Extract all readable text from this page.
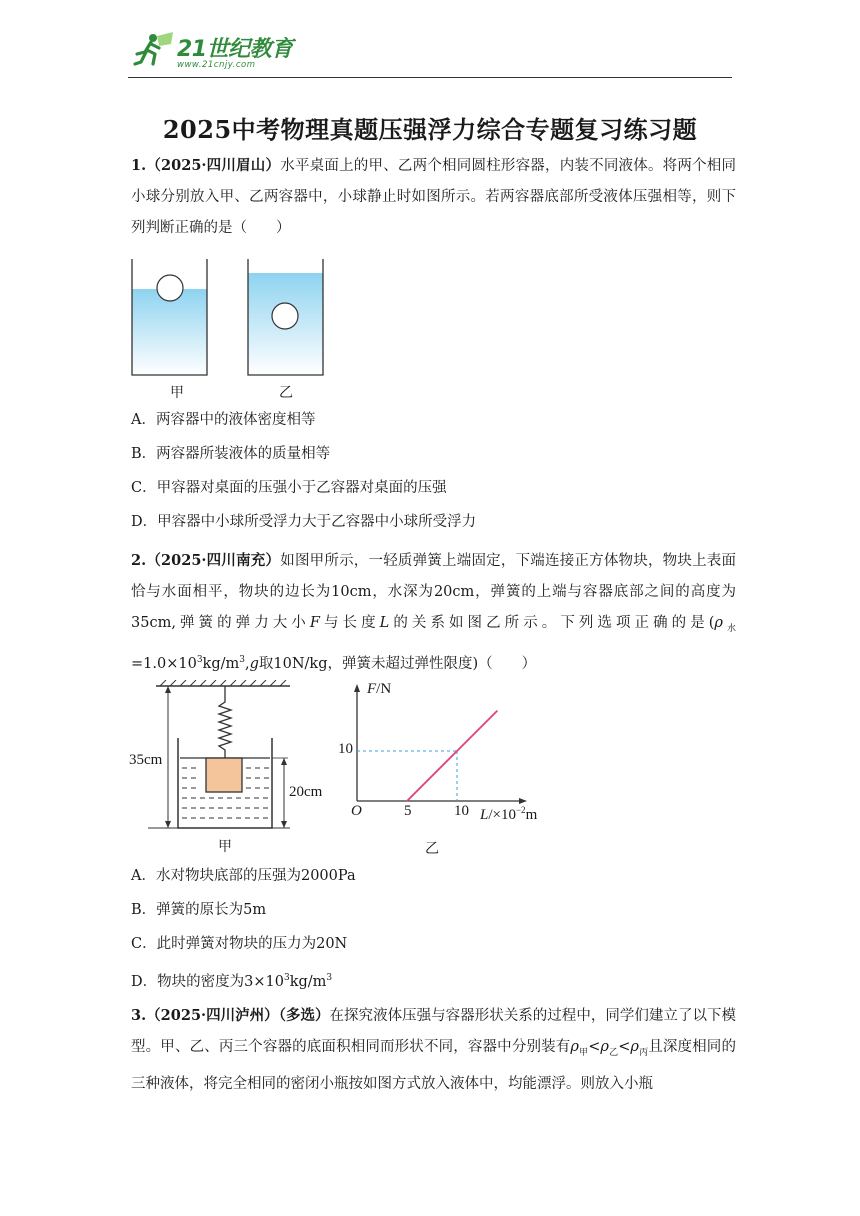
21世纪教育
www.21cnjy.com
2025中考物理真题压强浮力综合专题复习练习题
1.（2025·四川眉山）水平桌面上的甲、乙两个相同圆柱形容器，内装不同液体。将两个相同小球分别放入甲、乙两容器中，小球静止时如图所示。若两容器底部所受液体压强相等，则下列判断正确的是（　　）
甲	乙
A．两容器中的液体密度相等
B．两容器所装液体的质量相等
C．甲容器对桌面的压强小于乙容器对桌面的压强
D．甲容器中小球所受浮力大于乙容器中小球所受浮力
2.（2025·四川南充）如图甲所示，一轻质弹簧上端固定，下端连接正方体物块，物块上表面恰与水面相平，物块的边长为10cm，水深为20cm，弹簧的上端与容器底部之间的高度为35cm,弹簧的弹力大小F与长度L的关系如图乙所示。下列选项正确的是($\rho_水=1.0\times 10^3kg/m^3,g$取10N/kg，弹簧未超过弹性限度)（　　）
35cm
20cm
甲
F/N
$L/\times 10^{-2}m$
O	5	10
10
乙
A．水对物块底部的压强为2000Pa
B．弹簧的原长为5m
C．此时弹簧对物块的压力为20N
D．物块的密度为$3\times 10^3kg/m^3$
3.（2025·四川泸州）（多选）在探究液体压强与容器形状关系的过程中，同学们建立了以下模型。甲、乙、丙三个容器的底面积相同而形状不同，容器中分别装有$\rho_甲<\rho_乙<\rho_丙$且深度相同的三种液体，将完全相同的密闭小瓶按如图方式放入液体中，均能漂浮。则放入小瓶
